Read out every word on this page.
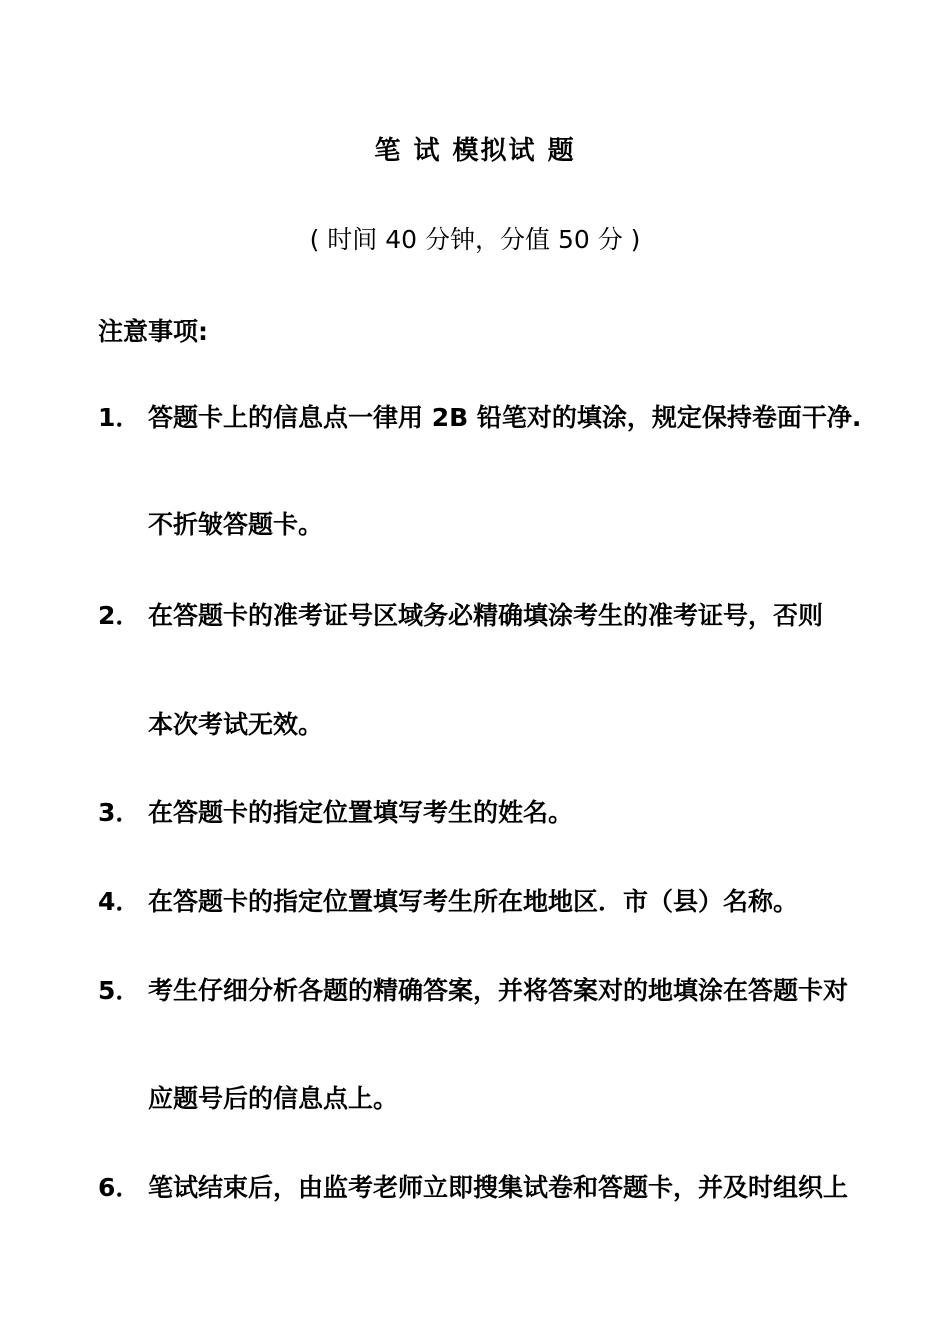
笔 试 模拟试 题
( 时间 40 分钟，分值 50 分 )
注意事项:
1． 答题卡上的信息点一律用 2B 铅笔对的填涂，规定保持卷面干净.
不折皱答题卡。
2． 在答题卡的准考证号区域务必精确填涂考生的准考证号，否则
本次考试无效。
3． 在答题卡的指定位置填写考生的姓名。
4． 在答题卡的指定位置填写考生所在地地区．市（县）名称。
5． 考生仔细分析各题的精确答案，并将答案对的地填涂在答题卡对
应题号后的信息点上。
6． 笔试结束后，由监考老师立即搜集试卷和答题卡，并及时组织上
